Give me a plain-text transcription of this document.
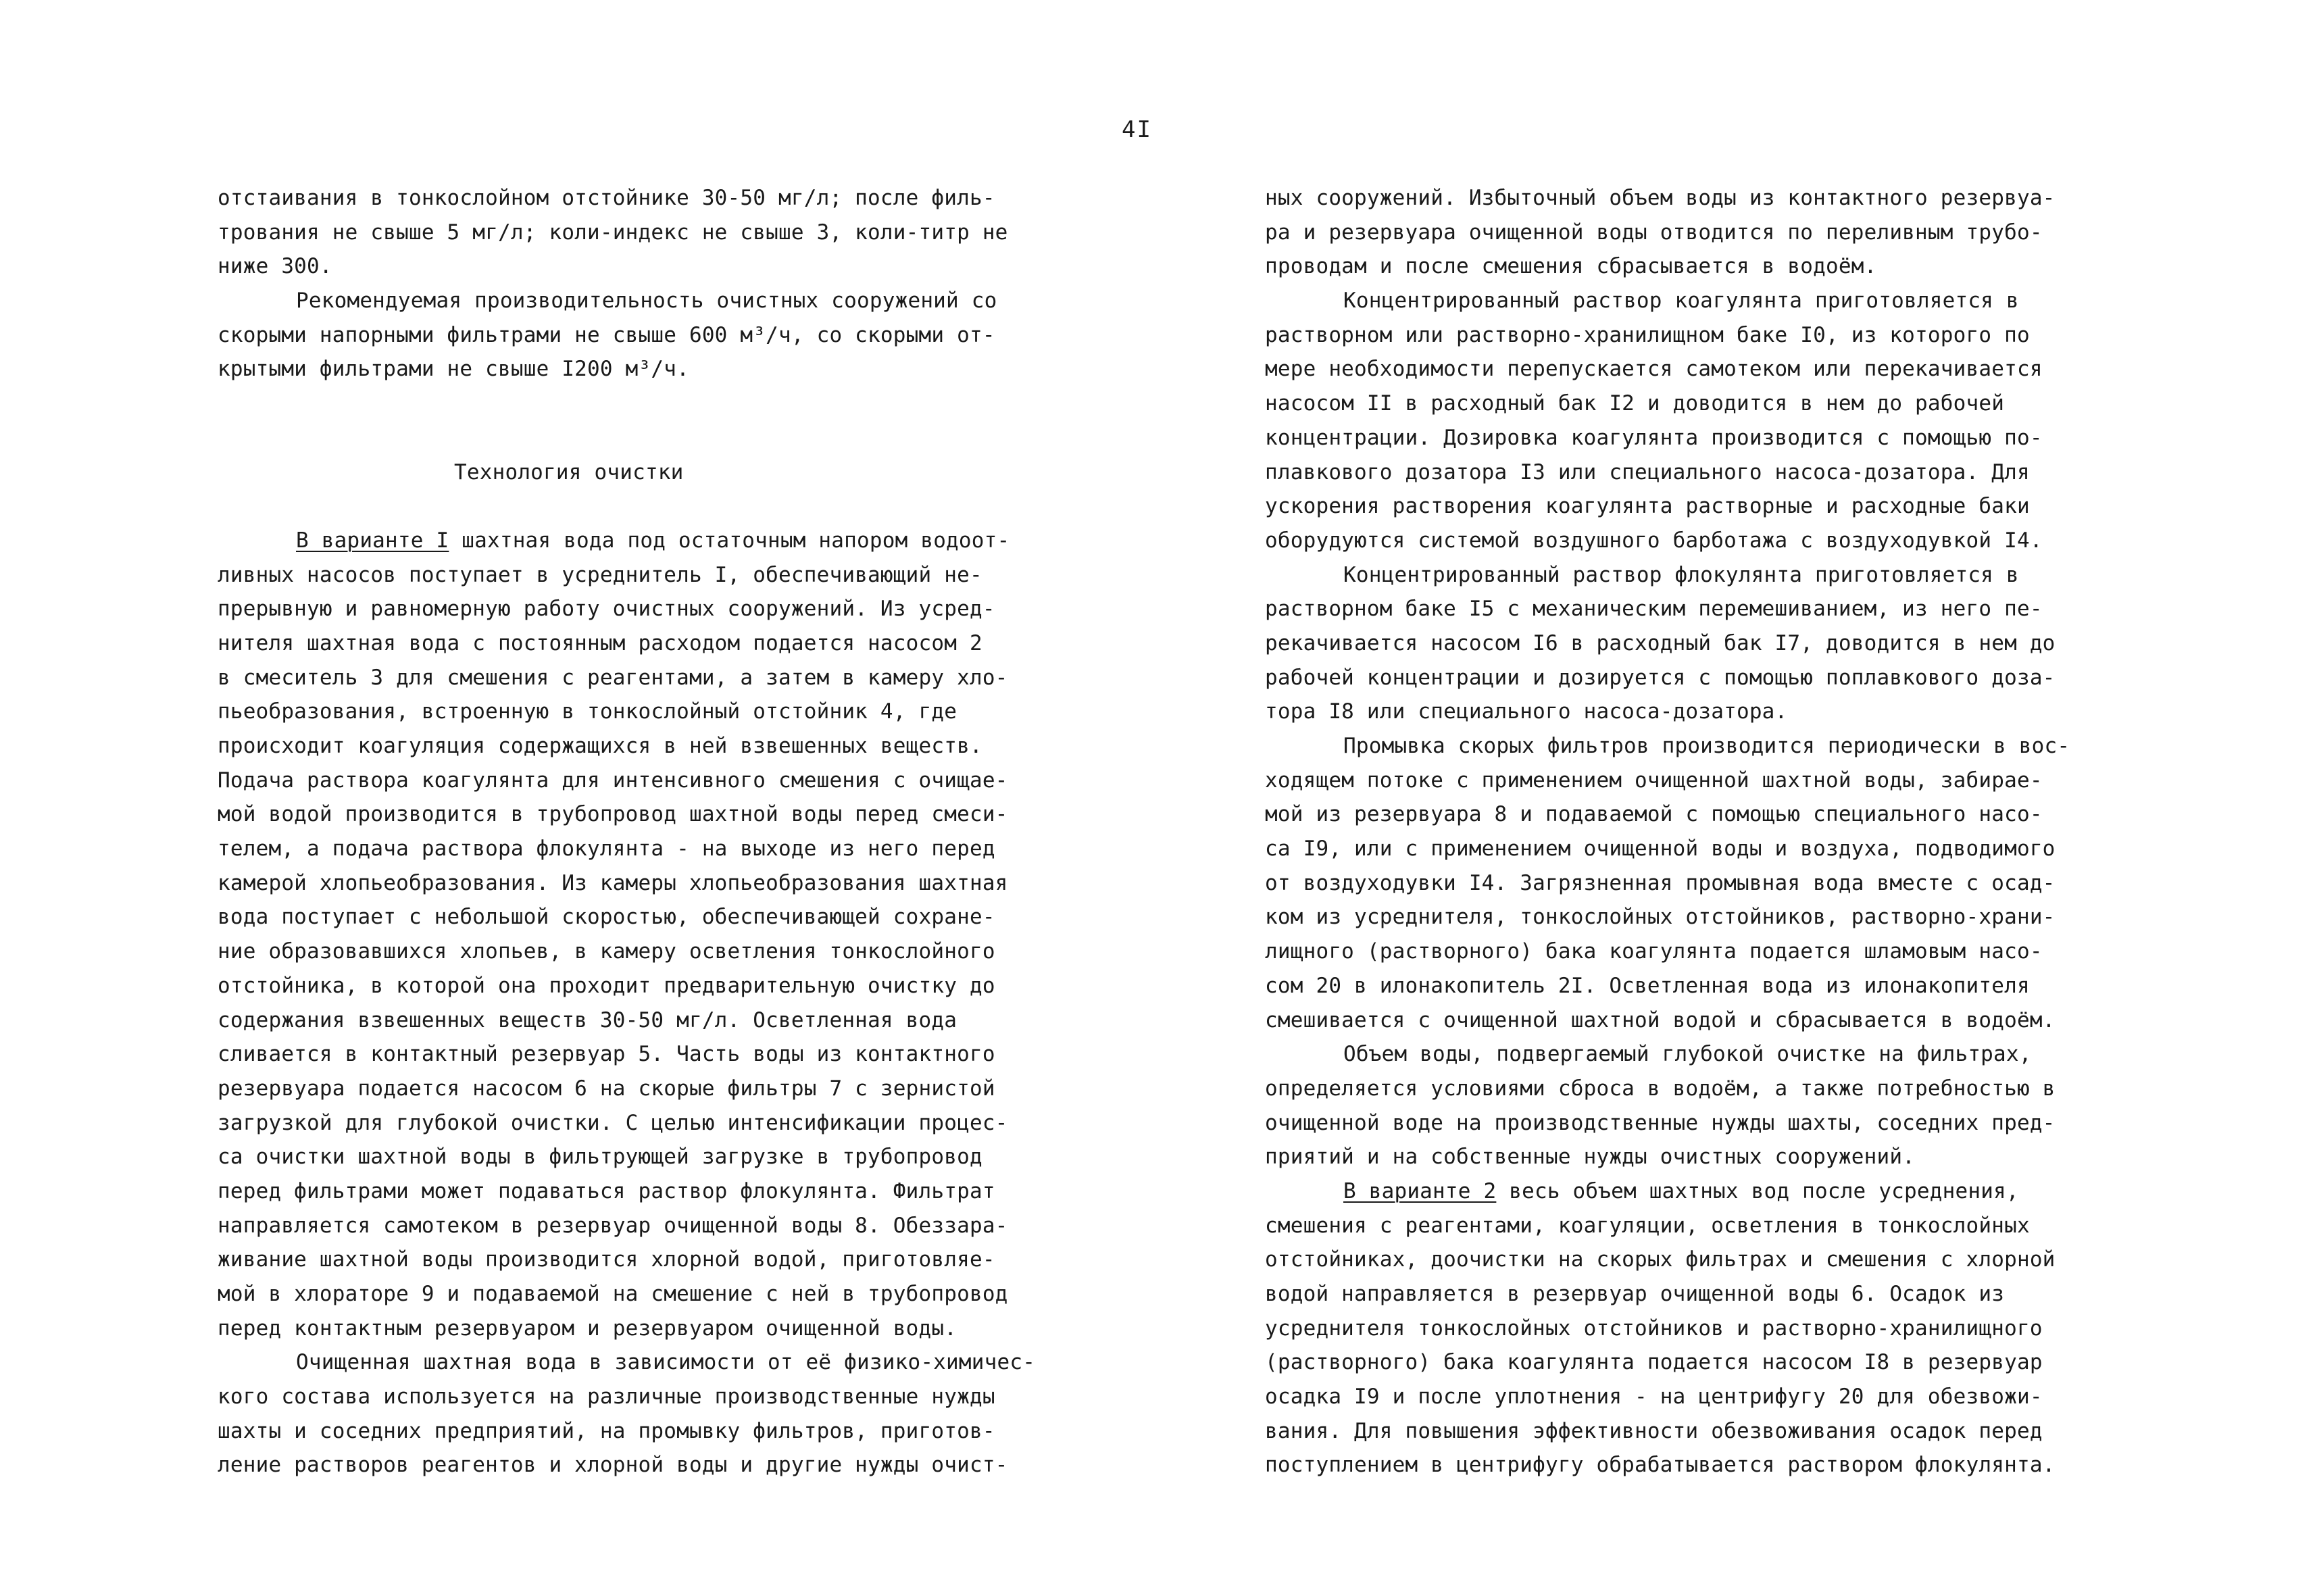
4I
отстаивания в тонкослойном отстойнике 30-50 мг/л; после филь-
трования не свыше 5 мг/л; коли-индекс не свыше 3, коли-титр не
ниже 300.
Рекомендуемая производительность очистных сооружений со
скорыми напорными фильтрами не свыше 600 м³/ч, со скорыми от-
крытыми фильтрами не свыше I200 м³/ч.
Технология очистки
В варианте I шахтная вода под остаточным напором водоот-
ливных насосов поступает в усреднитель I, обеспечивающий не-
прерывную и равномерную работу очистных сооружений. Из усред-
нителя шахтная вода с постоянным расходом подается насосом 2
в смеситель 3 для смешения с реагентами, а затем в камеру хло-
пьеобразования, встроенную в тонкослойный отстойник 4, где
происходит коагуляция содержащихся в ней взвешенных веществ.
Подача раствора коагулянта для интенсивного смешения с очищае-
мой водой производится в трубопровод шахтной воды перед смеси-
телем, а подача раствора флокулянта - на выходе из него перед
камерой хлопьеобразования. Из камеры хлопьеобразования шахтная
вода поступает с небольшой скоростью, обеспечивающей сохране-
ние образовавшихся хлопьев, в камеру осветления тонкослойного
отстойника, в которой она проходит предварительную очистку до
содержания взвешенных веществ 30-50 мг/л. Осветленная вода
сливается в контактный резервуар 5. Часть воды из контактного
резервуара подается насосом 6 на скорые фильтры 7 с зернистой
загрузкой для глубокой очистки. С целью интенсификации процес-
са очистки шахтной воды в фильтрующей загрузке в трубопровод
перед фильтрами может подаваться раствор флокулянта. Фильтрат
направляется самотеком в резервуар очищенной воды 8. Обеззара-
живание шахтной воды производится хлорной водой, приготовляе-
мой в хлораторе 9 и подаваемой на смешение с ней в трубопровод
перед контактным резервуаром и резервуаром очищенной воды.
Очищенная шахтная вода в зависимости от её физико-химичес-
кого состава используется на различные производственные нужды
шахты и соседних предприятий, на промывку фильтров, приготов-
ление растворов реагентов и хлорной воды и другие нужды очист-
ных сооружений. Избыточный объем воды из контактного резервуа-
ра и резервуара очищенной воды отводится по переливным трубо-
проводам и после смешения сбрасывается в водоём.
Концентрированный раствор коагулянта приготовляется в
растворном или растворно-хранилищном баке I0, из которого по
мере необходимости перепускается самотеком или перекачивается
насосом II в расходный бак I2 и доводится в нем до рабочей
концентрации. Дозировка коагулянта производится с помощью по-
плавкового дозатора I3 или специального насоса-дозатора. Для
ускорения растворения коагулянта растворные и расходные баки
оборудуются системой воздушного барботажа с воздуходувкой I4.
Концентрированный раствор флокулянта приготовляется в
растворном баке I5 с механическим перемешиванием, из него пе-
рекачивается насосом I6 в расходный бак I7, доводится в нем до
рабочей концентрации и дозируется с помощью поплавкового доза-
тора I8 или специального насоса-дозатора.
Промывка скорых фильтров производится периодически в вос-
ходящем потоке с применением очищенной шахтной воды, забирае-
мой из резервуара 8 и подаваемой с помощью специального насо-
са I9, или с применением очищенной воды и воздуха, подводимого
от воздуходувки I4. Загрязненная промывная вода вместе с осад-
ком из усреднителя, тонкослойных отстойников, растворно-храни-
лищного (растворного) бака коагулянта подается шламовым насо-
сом 20 в илонакопитель 2I. Осветленная вода из илонакопителя
смешивается с очищенной шахтной водой и сбрасывается в водоём.
Объем воды, подвергаемый глубокой очистке на фильтрах,
определяется условиями сброса в водоём, а также потребностью в
очищенной воде на производственные нужды шахты, соседних пред-
приятий и на собственные нужды очистных сооружений.
В варианте 2 весь объем шахтных вод после усреднения,
смешения с реагентами, коагуляции, осветления в тонкослойных
отстойниках, доочистки на скорых фильтрах и смешения с хлорной
водой направляется в резервуар очищенной воды 6. Осадок из
усреднителя тонкослойных отстойников и растворно-хранилищного
(растворного) бака коагулянта подается насосом I8 в резервуар
осадка I9 и после уплотнения - на центрифугу 20 для обезвожи-
вания. Для повышения эффективности обезвоживания осадок перед
поступлением в центрифугу обрабатывается раствором флокулянта.
